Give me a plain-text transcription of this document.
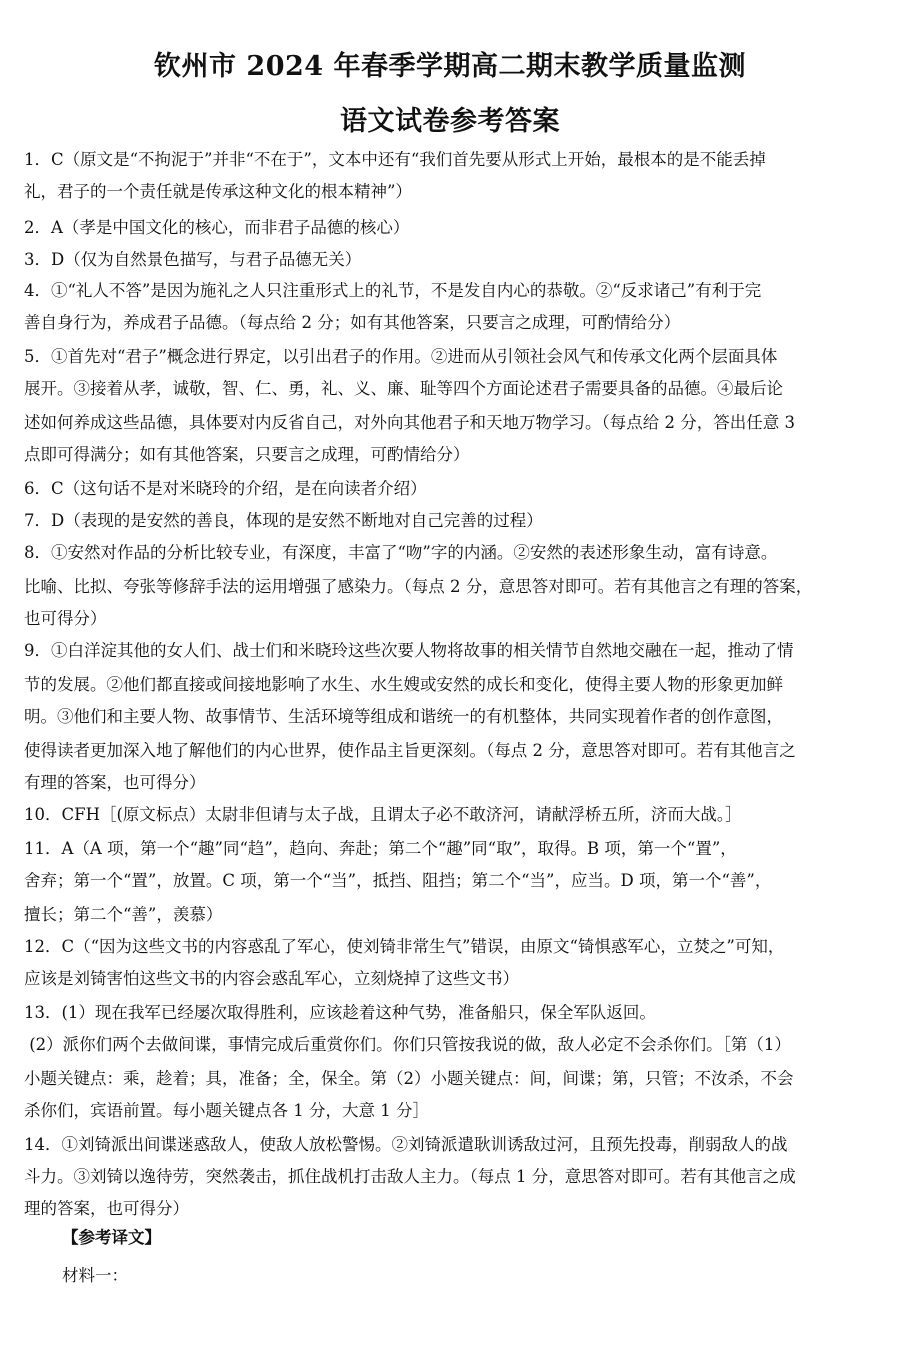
钦州市 2024 年春季学期高二期末教学质量监测
语文试卷参考答案
1．C（原文是“不拘泥于”并非“不在于”，文本中还有“我们首先要从形式上开始，最根本的是不能丢掉
礼，君子的一个责任就是传承这种文化的根本精神”）
2．A（孝是中国文化的核心，而非君子品德的核心）
3．D（仅为自然景色描写，与君子品德无关）
4．①“礼人不答”是因为施礼之人只注重形式上的礼节，不是发自内心的恭敬。②“反求诸己”有利于完
善自身行为，养成君子品德。（每点给 2 分；如有其他答案，只要言之成理，可酌情给分）
5．①首先对“君子”概念进行界定，以引出君子的作用。②进而从引领社会风气和传承文化两个层面具体
展开。③接着从孝，诚敬，智、仁、勇，礼、义、廉、耻等四个方面论述君子需要具备的品德。④最后论
述如何养成这些品德，具体要对内反省自己，对外向其他君子和天地万物学习。（每点给 2 分，答出任意 3
点即可得满分；如有其他答案，只要言之成理，可酌情给分）
6．C（这句话不是对米晓玲的介绍，是在向读者介绍）
7．D（表现的是安然的善良，体现的是安然不断地对自己完善的过程）
8．①安然对作品的分析比较专业，有深度，丰富了“吻”字的内涵。②安然的表述形象生动，富有诗意。
比喻、比拟、夸张等修辞手法的运用增强了感染力。（每点 2 分，意思答对即可。若有其他言之有理的答案，
也可得分）
9．①白洋淀其他的女人们、战士们和米晓玲这些次要人物将故事的相关情节自然地交融在一起，推动了情
节的发展。②他们都直接或间接地影响了水生、水生嫂或安然的成长和变化，使得主要人物的形象更加鲜
明。③他们和主要人物、故事情节、生活环境等组成和谐统一的有机整体，共同实现着作者的创作意图，
使得读者更加深入地了解他们的内心世界，使作品主旨更深刻。（每点 2 分，意思答对即可。若有其他言之
有理的答案，也可得分）
10．CFH［(原文标点）太尉非但请与太子战，且谓太子必不敢济河，请献浮桥五所，济而大战。］
11．A（A 项，第一个“趣”同“趋”，趋向、奔赴；第二个“趣”同“取”，取得。B 项，第一个“置”，
舍弃；第一个“置”，放置。C 项，第一个“当”，抵挡、阻挡；第二个“当”，应当。D 项，第一个“善”，
擅长；第二个“善”，羡慕）
12．C（“因为这些文书的内容惑乱了军心，使刘锜非常生气”错误，由原文“锜惧惑军心，立焚之”可知，
应该是刘锜害怕这些文书的内容会惑乱军心，立刻烧掉了这些文书）
13．(1）现在我军已经屡次取得胜利，应该趁着这种气势，准备船只，保全军队返回。
(2）派你们两个去做间谍，事情完成后重赏你们。你们只管按我说的做，敌人必定不会杀你们。［第（1）
小题关键点：乘，趁着；具，准备；全，保全。第（2）小题关键点：间，间谍；第，只管；不汝杀，不会
杀你们，宾语前置。每小题关键点各 1 分，大意 1 分］
14．①刘锜派出间谍迷惑敌人，使敌人放松警惕。②刘锜派遣耿训诱敌过河，且预先投毒，削弱敌人的战
斗力。③刘锜以逸待劳，突然袭击，抓住战机打击敌人主力。（每点 1 分，意思答对即可。若有其他言之成
理的答案，也可得分）
【参考译文】
材料一：
